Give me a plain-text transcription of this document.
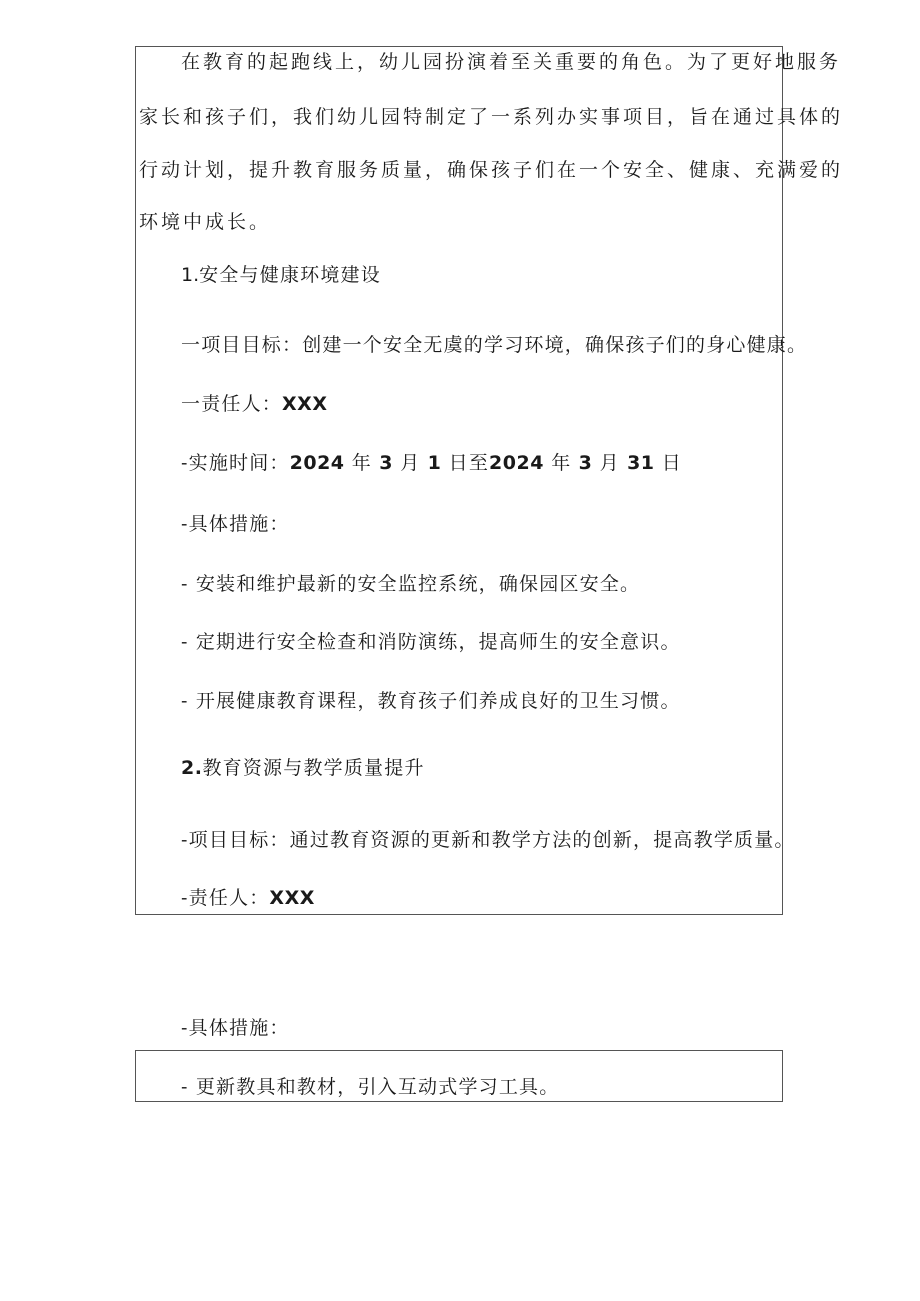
在教育的起跑线上，幼儿园扮演着至关重要的角色。为了更好地服务
家长和孩子们，我们幼儿园特制定了一系列办实事项目，旨在通过具体的
行动计划，提升教育服务质量，确保孩子们在一个安全、健康、充满爱的
环境中成长。
1.安全与健康环境建设
一项目目标：创建一个安全无虞的学习环境，确保孩子们的身心健康。
一责任人：XXX
-实施时间：2024 年 3 月 1 日至2024 年 3 月 31 日
-具体措施：
- 安装和维护最新的安全监控系统，确保园区安全。
- 定期进行安全检查和消防演练，提高师生的安全意识。
- 开展健康教育课程，教育孩子们养成良好的卫生习惯。
2.教育资源与教学质量提升
-项目目标：通过教育资源的更新和教学方法的创新，提高教学质量。
-责任人：XXX
-具体措施：
- 更新教具和教材，引入互动式学习工具。
